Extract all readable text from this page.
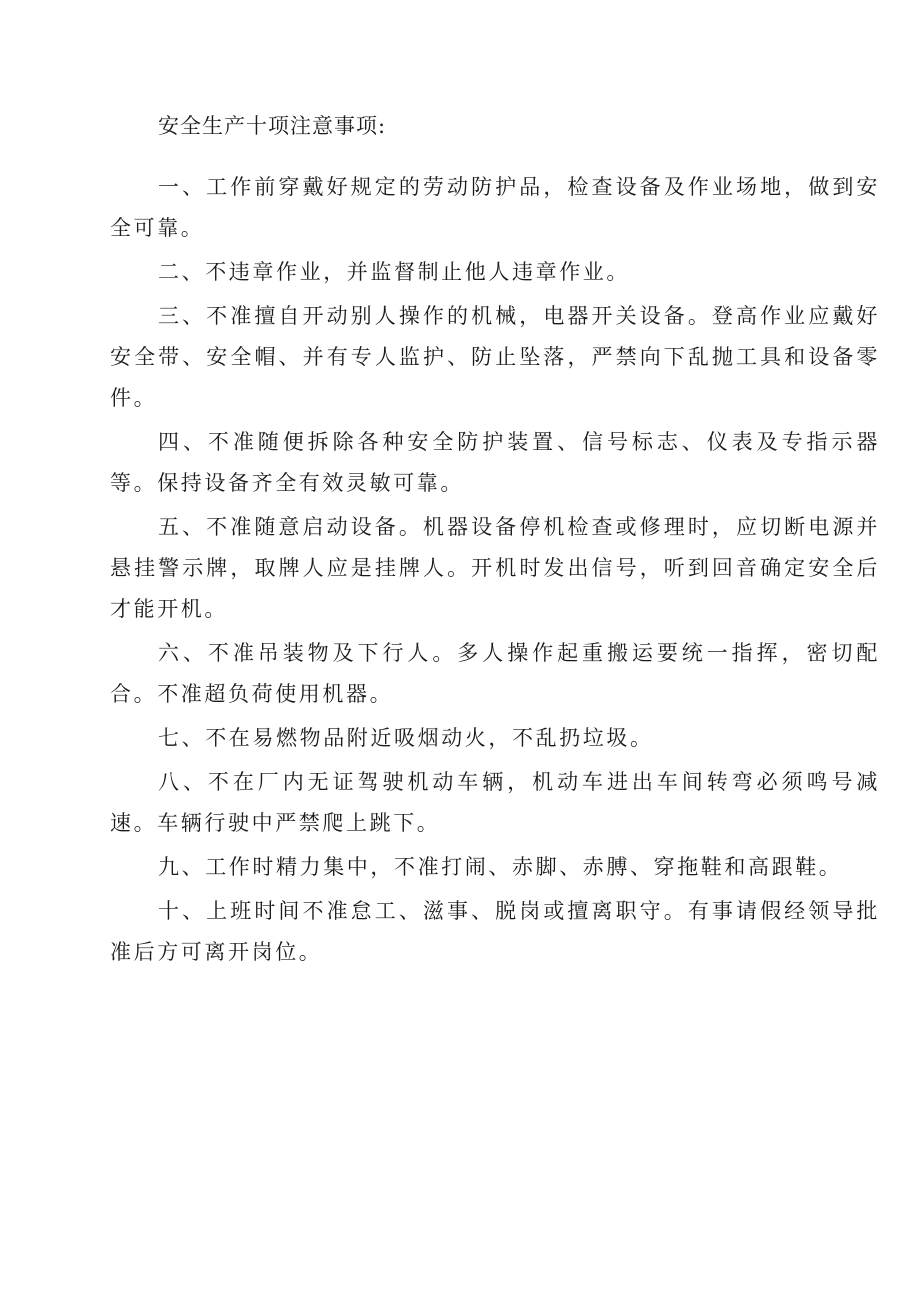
安全生产十项注意事项:

一、工作前穿戴好规定的劳动防护品，检查设备及作业场地，做到安全可靠。

二、不违章作业，并监督制止他人违章作业。

三、不准擅自开动别人操作的机械，电器开关设备。登高作业应戴好安全带、安全帽、并有专人监护、防止坠落，严禁向下乱抛工具和设备零件。

四、不准随便拆除各种安全防护装置、信号标志、仪表及专指示器等。保持设备齐全有效灵敏可靠。

五、不准随意启动设备。机器设备停机检查或修理时，应切断电源并悬挂警示牌，取牌人应是挂牌人。开机时发出信号，听到回音确定安全后才能开机。

六、不准吊装物及下行人。多人操作起重搬运要统一指挥，密切配合。不准超负荷使用机器。

七、不在易燃物品附近吸烟动火，不乱扔垃圾。

八、不在厂内无证驾驶机动车辆，机动车进出车间转弯必须鸣号减速。车辆行驶中严禁爬上跳下。

九、工作时精力集中，不准打闹、赤脚、赤膊、穿拖鞋和高跟鞋。

十、上班时间不准怠工、滋事、脱岗或擅离职守。有事请假经领导批准后方可离开岗位。
